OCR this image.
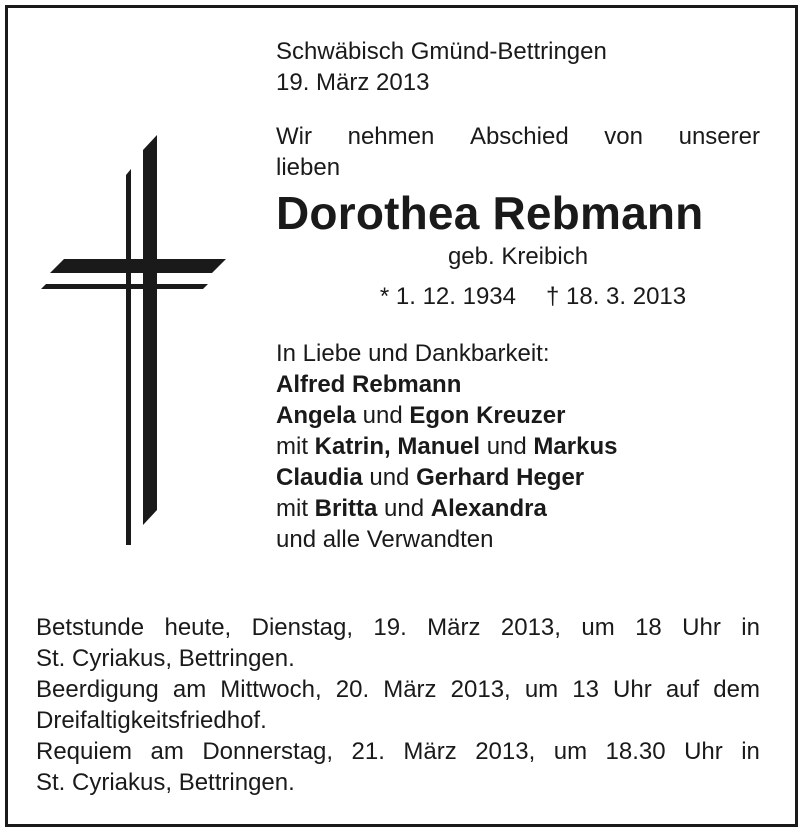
Schwäbisch Gmünd-Bettringen
19. März 2013
Wir nehmen Abschied von unserer
lieben
Dorothea Rebmann
geb. Kreibich
* 1. 12. 1934 † 18. 3. 2013
In Liebe und Dankbarkeit:
Alfred Rebmann
Angela und Egon Kreuzer
mit Katrin, Manuel und Markus
Claudia und Gerhard Heger
mit Britta und Alexandra
und alle Verwandten
Betstunde heute, Dienstag, 19. März 2013, um 18 Uhr in
St. Cyriakus, Bettringen.
Beerdigung am Mittwoch, 20. März 2013, um 13 Uhr auf dem
Dreifaltigkeitsfriedhof.
Requiem am Donnerstag, 21. März 2013, um 18.30 Uhr in
St. Cyriakus, Bettringen.
